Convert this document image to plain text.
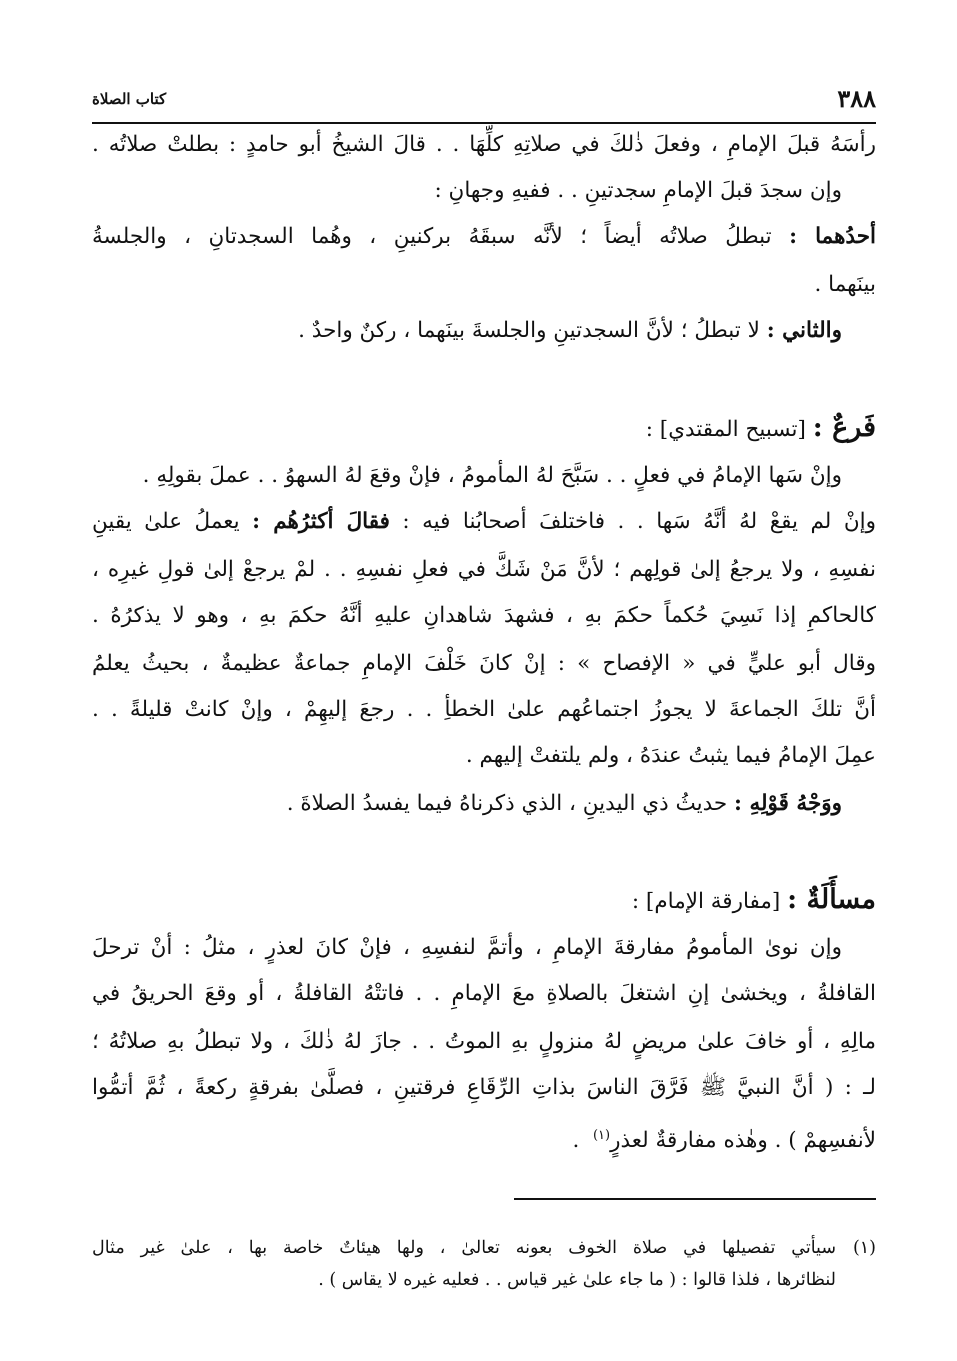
٣٨٨
كتاب الصلاة
رأسَهُ قبلَ الإمامِ ، وفعلَ ذٰلكَ في صلاتِهِ كلِّهَا . . قالَ الشيخُ أبو حامدٍ : بطلتْ صلاتُه .
وإن سجدَ قبلَ الإمامِ سجدتينِ . . ففيهِ وجهانِ :
أحدُهما : تبطلُ صلاتُه أيضاً ؛ لأنَّه سبقَهُ بركنينِ ، وهُما السجدتانِ ، والجلسةُ
بينَهما .
والثاني : لا تبطلُ ؛ لأنَّ السجدتينِ والجلسةَ بينَهما ، ركنٌ واحدٌ .
فَرعٌ : [تسبيح المقتدي] :
وإنْ سَها الإمامُ في فعلٍ . . سَبَّحَ لهُ المأمومُ ، فإنْ وقعَ لهُ السهوُ . . عملَ بقولِهِ .
وإنْ لم يقعْ لهُ أنَّهُ سَها . . فاختلفَ أصحابُنا فيه : فقالَ أكثرُهُم : يعملُ علىٰ يقينِ
نفسِهِ ، ولا يرجعُ إلىٰ قولِهم ؛ لأنَّ مَنْ شَكَّ في فعلِ نفسِهِ . . لمْ يرجعْ إلىٰ قولِ غيرِه ،
كالحاكمِ إذا نَسِيَ حُكماً حكمَ بهِ ، فشهدَ شاهدانِ عليهِ أنَّهُ حكمَ بهِ ، وهو لا يذكرُهُ .
وقال أبو عليٍّ في « الإفصاح » : إنْ كانَ خَلْفَ الإمامِ جماعةٌ عظيمةٌ ، بحيثُ يعلمُ
أنَّ تلكَ الجماعةَ لا يجوزُ اجتماعُهم علىٰ الخطأِ . . رجعَ إليهِمْ ، وإنْ كانتْ قليلةً . .
عمِلَ الإمامُ فيما يثبتُ عندَهُ ، ولم يلتفتْ إليهم .
ووَجْهُ قَوْلِهِ : حديثُ ذي اليدينِ ، الذي ذكرناهُ فيما يفسدُ الصلاةَ .
مسأَلَةٌ : [مفارقة الإمام] :
وإن نوىٰ المأمومُ مفارقةَ الإمامِ ، وأتمَّ لنفسِهِ ، فإنْ كانَ لعذرٍ ، مثلُ : أنْ ترحلَ
القافلةُ ، ويخشىٰ إنِ اشتغلَ بالصلاةِ معَ الإمامِ . . فاتتْهُ القافلةُ ، أو وقعَ الحريقُ في
مالِهِ ، أو خافَ علىٰ مريضٍ لهُ منزولٍ بهِ الموتُ . . جازَ لهُ ذٰلكَ ، ولا تبطلُ بهِ صلاتُهُ ؛
لـ : ( أنَّ النبيَّ ﷺ فَرَّقَ الناسَ بذاتِ الرِّقَاعِ فرقتينِ ، فصلَّىٰ بفرقةٍ ركعةً ، ثُمَّ أتمُّوا
لأنفسِهمْ ) . وهٰذه مفارقةٌ لعذرٍ$^{(١)}$  .
(١)
سيأتي تفصيلها في صلاة الخوف بعونه تعالىٰ ، ولها هيئاتٌ خاصة بها ، علىٰ غير مثال
لنظائرها ، فلذا قالوا : ( ما جاء علىٰ غير قياس . . فعليه غيره لا يقاس ) .
